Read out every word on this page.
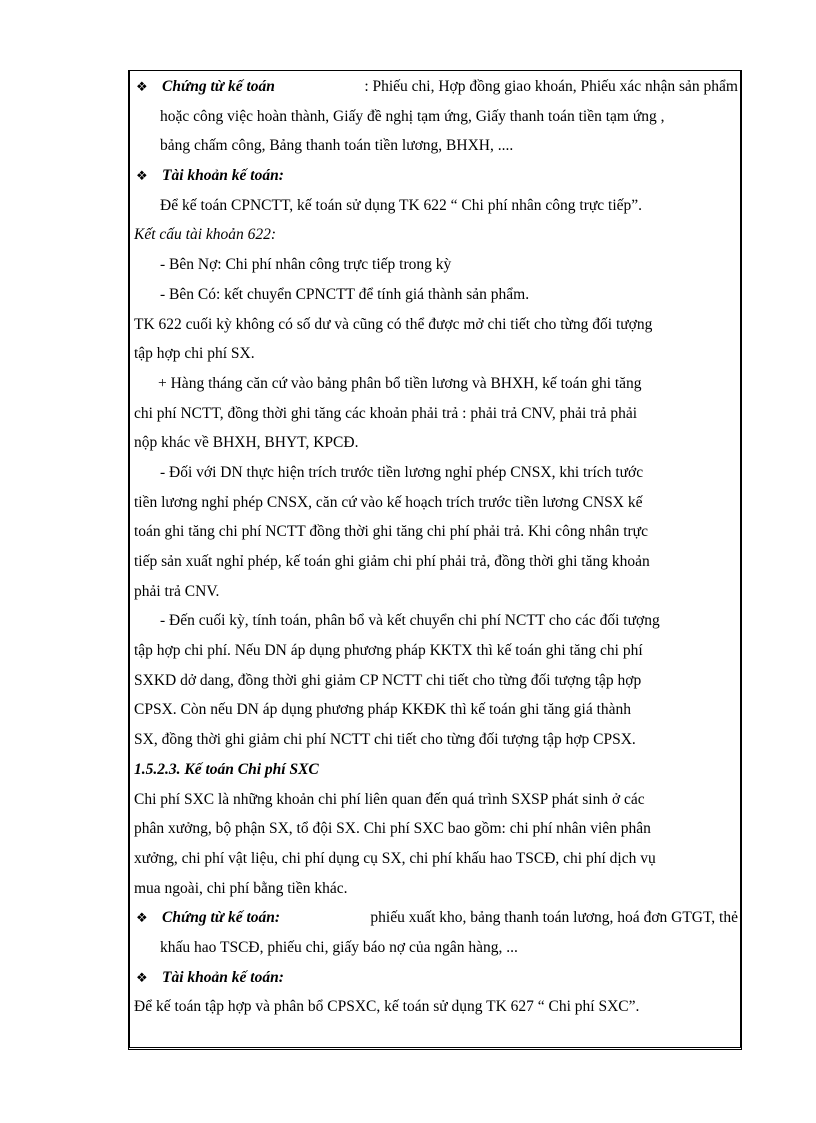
❖ Chứng từ kế toán	: Phiếu chi, Hợp đồng giao khoán, Phiếu xác nhận sản phẩm
hoặc công việc hoàn thành, Giấy đề nghị tạm ứng, Giấy thanh toán tiền tạm ứng ,
bảng chấm công, Bảng thanh toán tiền lương, BHXH, ....
❖ Tài khoản kế toán:
Để kế toán CPNCTT, kế toán sử dụng TK 622 “ Chi phí nhân công trực tiếp”.
Kết cấu tài khoản 622:
- Bên Nợ: Chi phí nhân công trực tiếp trong kỳ
- Bên Có: kết chuyển CPNCTT để tính giá thành sản phẩm.
TK 622 cuối kỳ không có số dư và cũng có thể được mở chi tiết cho từng đối tượng
tập hợp chi phí SX.
+ Hàng tháng căn cứ vào bảng phân bổ tiền lương và BHXH, kế toán ghi tăng
chi phí NCTT, đồng thời ghi tăng các khoản phải trả : phải trả CNV, phải trả phải
nộp khác về BHXH, BHYT, KPCĐ.
- Đối với DN thực hiện trích trước tiền lương nghỉ phép CNSX, khi trích tước
tiền lương nghỉ phép CNSX, căn cứ vào kế hoạch trích trước tiền lương CNSX kế
toán ghi tăng chi phí NCTT đồng thời ghi tăng chi phí phải trả. Khi công nhân trực
tiếp sản xuất nghỉ phép, kế toán ghi giảm chi phí phải trả, đồng thời ghi tăng khoản
phải trả CNV.
- Đến cuối kỳ, tính toán, phân bổ và kết chuyển chi phí NCTT cho các đối tượng
tập hợp chi phí. Nếu DN áp dụng phương pháp KKTX thì kế toán ghi tăng chi phí
SXKD dở dang, đồng thời ghi giảm CP NCTT chi tiết cho từng đối tượng tập hợp
CPSX. Còn nếu DN áp dụng phương pháp KKĐK thì kế toán ghi tăng giá thành
SX, đồng thời ghi giảm chi phí NCTT chi tiết cho từng đối tượng tập hợp CPSX.
1.5.2.3. Kế toán Chi phí SXC
Chi phí SXC là những khoản chi phí liên quan đến quá trình SXSP phát sinh ở các
phân xưởng, bộ phận SX, tổ đội SX. Chi phí SXC bao gồm: chi phí nhân viên phân
xưởng, chi phí vật liệu, chi phí dụng cụ SX, chi phí khấu hao TSCĐ, chi phí dịch vụ
mua ngoài, chi phí bằng tiền khác.
❖ Chứng từ kế toán:	phiếu xuất kho, bảng thanh toán lương, hoá đơn GTGT, thẻ
khấu hao TSCĐ, phiếu chi, giấy báo nợ của ngân hàng, ...
❖ Tài khoản kế toán:
Để kế toán tập hợp và phân bổ CPSXC, kế toán sử dụng TK 627 “ Chi phí SXC”.
